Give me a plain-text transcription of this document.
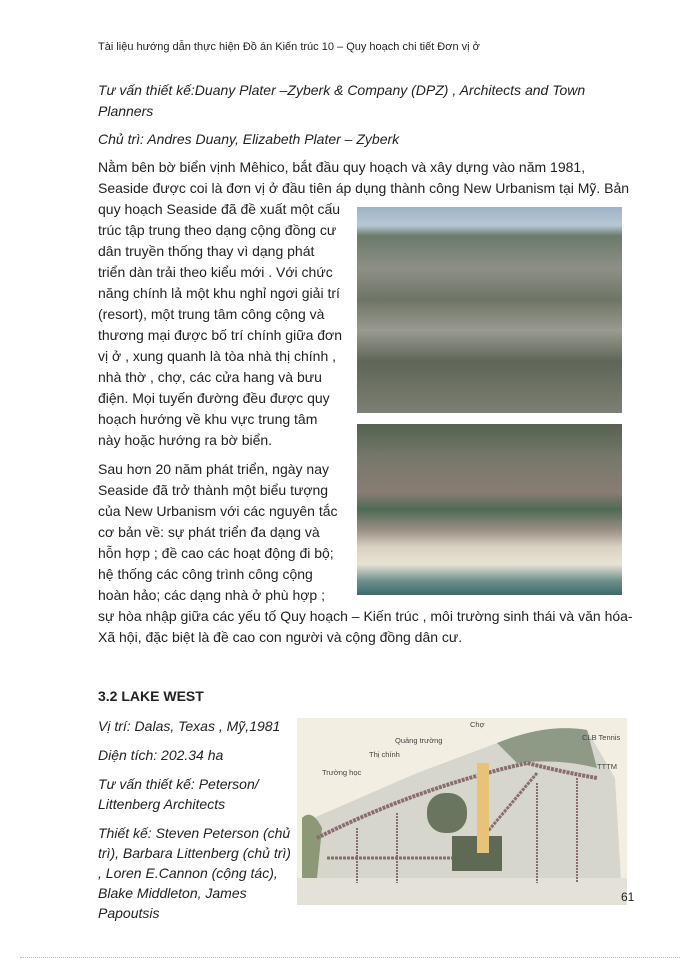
Tài liệu hướng dẫn thực hiện Đồ án Kiến trúc 10 – Quy hoạch chi tiết Đơn vị ở
Tư vấn thiết kế:Duany Plater –Zyberk & Company (DPZ) , Architects and Town Planners
Chủ trì: Andres Duany, Elizabeth Plater – Zyberk

Nằm bên bờ biển vịnh Mêhico, bắt đầu quy hoạch và xây dựng vào năm 1981, Seaside được coi là đơn vị ở đầu tiên áp dụng thành công New Urbanism tại Mỹ. Bản quy hoạch Seaside đã đề xuất một cấu trúc tập trung theo dạng cộng đồng cư dân truyền thống thay vì dạng phát triển dàn trải theo kiểu mới . Với chức năng chính lả một khu nghỉ ngơi giải trí (resort), một trung tâm công cộng và thương mại được bố trí chính giữa đơn vị ở , xung quanh là tòa nhà thị chính , nhà thờ , chợ, các cửa hang và bưu điện. Mọi tuyến đường đều được quy hoạch hướng về khu vực trung tâm này hoặc hướng ra bờ biển.

Sau hơn 20 năm phát triển, ngày nay Seaside đã trở thành một biểu tượng của New Urbanism với các nguyên tắc cơ bản về: sự phát triển đa dạng và hỗn hợp ; đề cao các hoạt động đi bộ; hệ thống các công trình công cộng hoàn hảo; các dạng nhà ở phù hợp ; sự hòa nhập giữa các yếu tố Quy hoạch – Kiến trúc , môi trường sinh thái và văn hóa-Xã hội, đặc biệt là đề cao con người và cộng đồng dân cư.

3.2 LAKE WEST
Vị trí: Dalas, Texas , Mỹ,1981
Diện tích: 202.34 ha
Tư vấn thiết kế: Peterson/ Littenberg Architects
Thiết kế: Steven Peterson (chủ trì), Barbara Littenberg (chủ trì) , Loren E.Cannon (cộng tác), Blake Middleton, James Papoutsis
Chợ
Quảng trường
Thị chính
Trường học
CLB Tennis
TTTM
61
